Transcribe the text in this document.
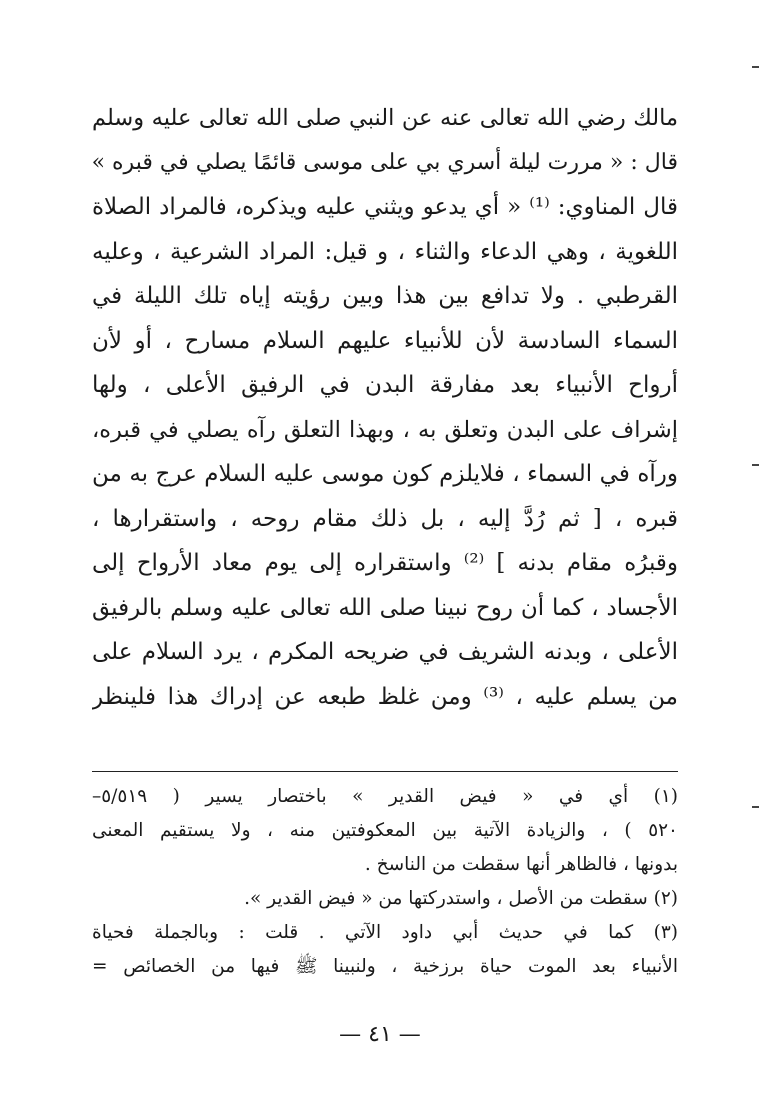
مالك رضي الله تعالى عنه عن النبي صلى الله تعالى عليه وسلم
قال : « مررت ليلة أسري بي على موسى قائمًا يصلي في قبره »
قال المناوي: ⁽¹⁾ « أي يدعو ويثني عليه ويذكره، فالمراد الصلاة
اللغوية ، وهي الدعاء والثناء ، و قيل: المراد الشرعية ، وعليه
القرطبي . ولا تدافع بين هذا وبين رؤيته إياه تلك الليلة في
السماء السادسة لأن للأنبياء عليهم السلام مسارح ، أو لأن
أرواح الأنبياء بعد مفارقة البدن في الرفيق الأعلى ، ولها
إشراف على البدن وتعلق به ، وبهذا التعلق رآه يصلي في قبره،
ورآه في السماء ، فلايلزم كون موسى عليه السلام عرج به من
قبره ، [ ثم رُدَّ إليه ، بل ذلك مقام روحه ، واستقرارها ،
وقبرُه مقام بدنه ] ⁽²⁾ واستقراره إلى يوم معاد الأرواح إلى
الأجساد ، كما أن روح نبينا صلى الله تعالى عليه وسلم بالرفيق
الأعلى ، وبدنه الشريف في ضريحه المكرم ، يرد السلام على
من يسلم عليه ، ⁽³⁾ ومن غلظ طبعه عن إدراك هذا فلينظر
(١) أي في « فيض القدير » باختصار يسير ( ٥/٥١٩–
٥٢٠ ) ، والزيادة الآتية بين المعكوفتين منه ، ولا يستقيم المعنى
بدونها ، فالظاهر أنها سقطت من الناسخ .
(٢) سقطت من الأصل ، واستدركتها من « فيض القدير ».
(٣) كما في حديث أبي داود الآتي . قلت : وبالجملة فحياة
الأنبياء بعد الموت حياة برزخية ، ولنبينا ﷺ فيها من الخصائص =
— ٤١ —
